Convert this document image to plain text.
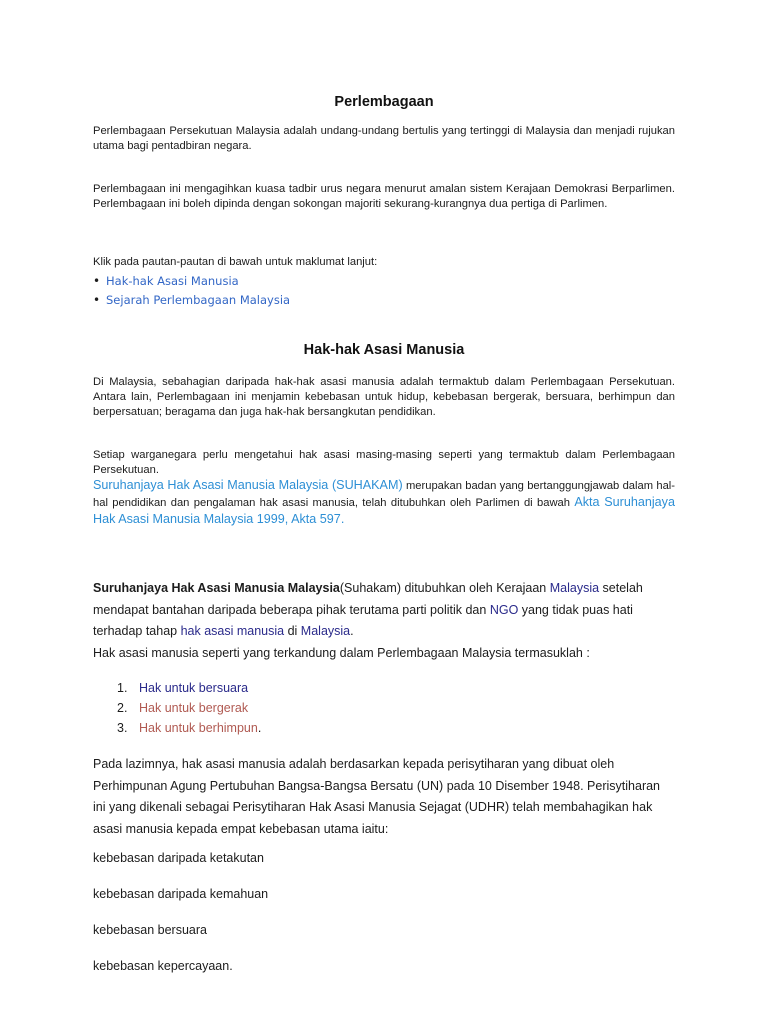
Perlembagaan

Perlembagaan Persekutuan Malaysia adalah undang-undang bertulis yang tertinggi di Malaysia dan menjadi rujukan utama bagi pentadbiran negara.

Perlembagaan ini mengagihkan kuasa tadbir urus negara menurut amalan sistem Kerajaan Demokrasi Berparlimen. Perlembagaan ini boleh dipinda dengan sokongan majoriti sekurang-kurangnya dua pertiga di Parlimen.

Klik pada pautan-pautan di bawah untuk maklumat lanjut:

• Hak-hak Asasi Manusia
• Sejarah Perlembagaan Malaysia
Hak-hak Asasi Manusia

Di Malaysia, sebahagian daripada hak-hak asasi manusia adalah termaktub dalam Perlembagaan Persekutuan. Antara lain, Perlembagaan ini menjamin kebebasan untuk hidup, kebebasan bergerak, bersuara, berhimpun dan berpersatuan; beragama dan juga hak-hak bersangkutan pendidikan.

Setiap warganegara perlu mengetahui hak asasi masing-masing seperti yang termaktub dalam Perlembagaan Persekutuan.

Suruhanjaya Hak Asasi Manusia Malaysia (SUHAKAM) merupakan badan yang bertanggungjawab dalam hal-hal pendidikan dan pengalaman hak asasi manusia, telah ditubuhkan oleh Parlimen di bawah Akta Suruhanjaya Hak Asasi Manusia Malaysia 1999, Akta 597.

Suruhanjaya Hak Asasi Manusia Malaysia(Suhakam) ditubuhkan oleh Kerajaan Malaysia setelah mendapat bantahan daripada beberapa pihak terutama parti politik dan NGO yang tidak puas hati terhadap tahap hak asasi manusia di Malaysia.

Hak asasi manusia seperti yang terkandung dalam Perlembagaan Malaysia termasuklah :

1. Hak untuk bersuara
2. Hak untuk bergerak
3. Hak untuk berhimpun.

Pada lazimnya, hak asasi manusia adalah berdasarkan kepada perisytiharan yang dibuat oleh Perhimpunan Agung Pertubuhan Bangsa-Bangsa Bersatu (UN) pada 10 Disember 1948. Perisytiharan ini yang dikenali sebagai Perisytiharan Hak Asasi Manusia Sejagat (UDHR) telah membahagikan hak asasi manusia kepada empat kebebasan utama iaitu:

kebebasan daripada ketakutan

kebebasan daripada kemahuan

kebebasan bersuara

kebebasan kepercayaan.
